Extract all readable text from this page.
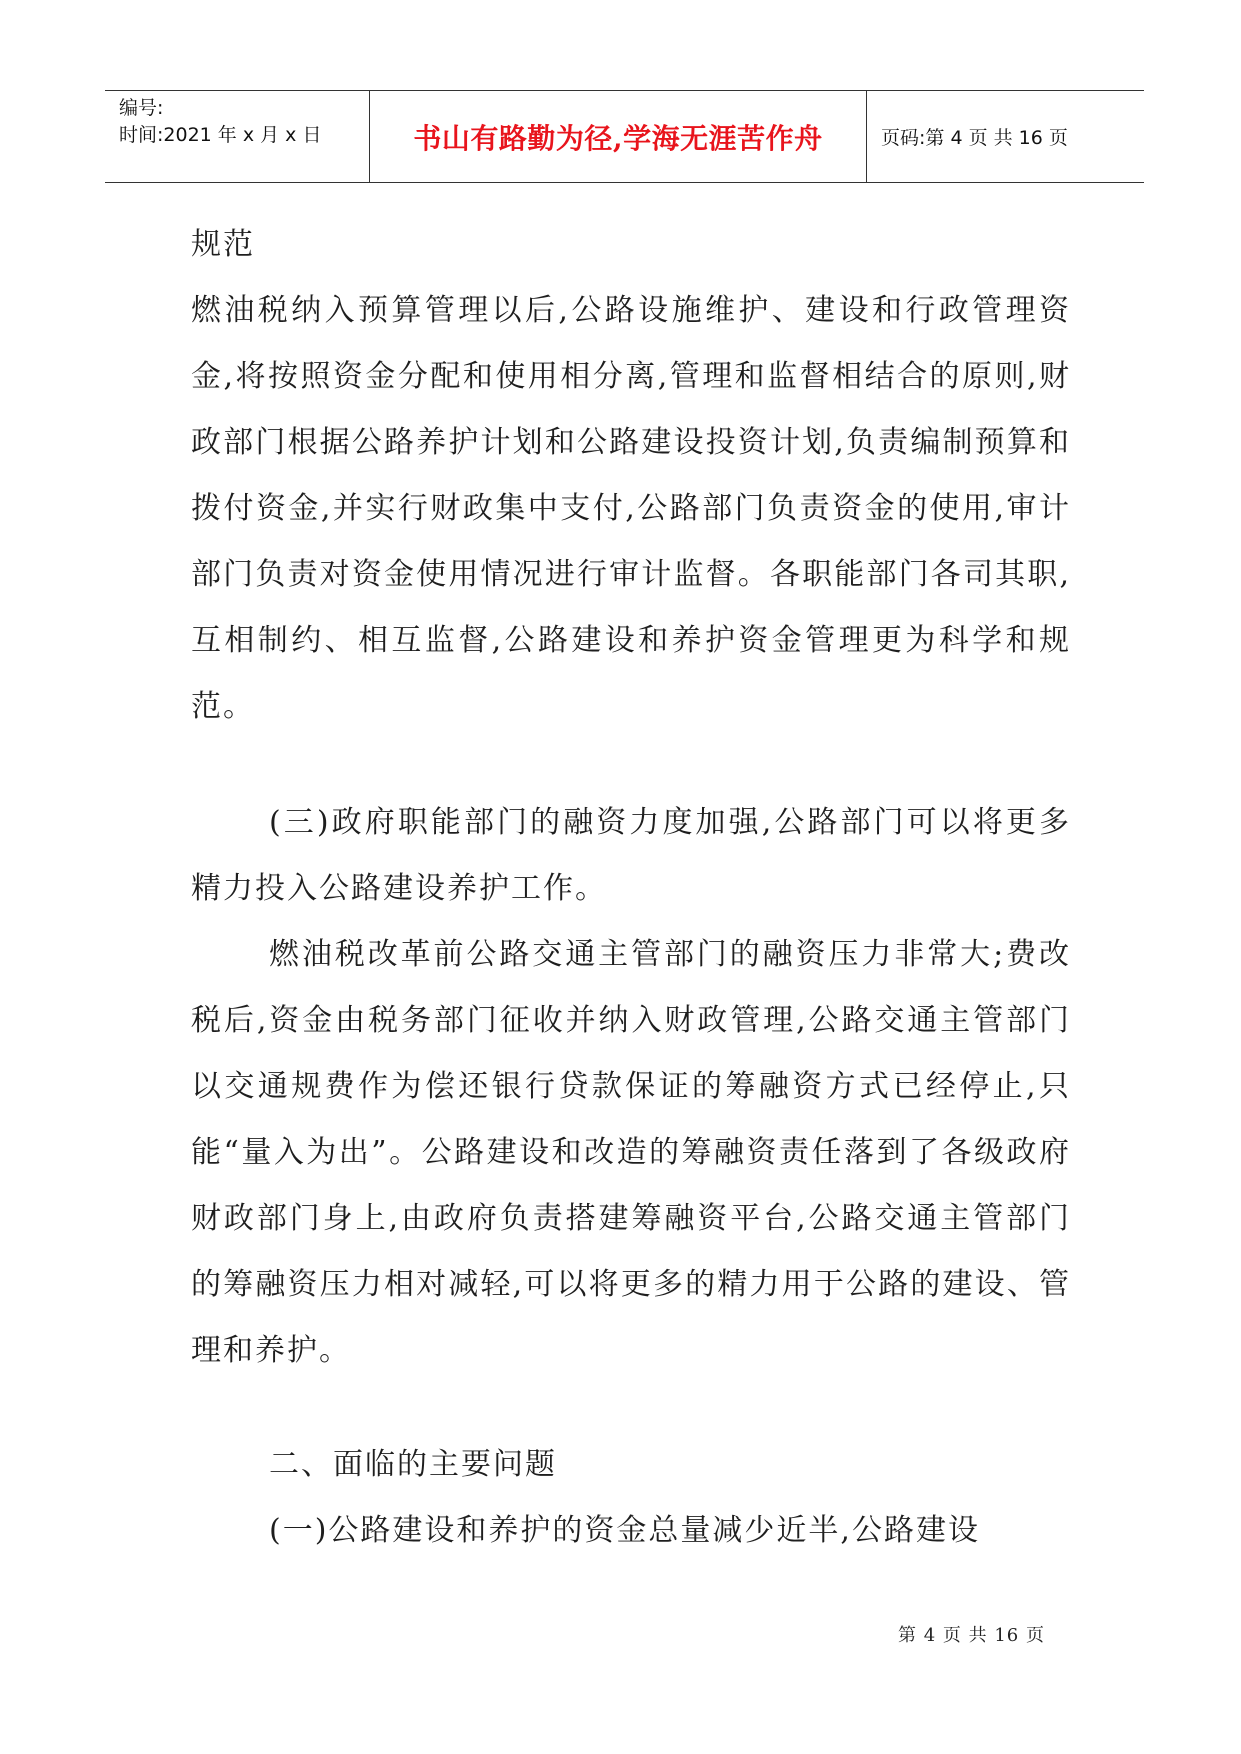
编号:
时间:2021 年 x 月 x 日	书山有路勤为径,学海无涯苦作舟	页码:第 4 页 共 16 页

规范

燃油税纳入预算管理以后,公路设施维护、建设和行政管理资金,将按照资金分配和使用相分离,管理和监督相结合的原则,财政部门根据公路养护计划和公路建设投资计划,负责编制预算和拨付资金,并实行财政集中支付,公路部门负责资金的使用,审计部门负责对资金使用情况进行审计监督。各职能部门各司其职,互相制约、相互监督,公路建设和养护资金管理更为科学和规范。

(三)政府职能部门的融资力度加强,公路部门可以将更多精力投入公路建设养护工作。

燃油税改革前公路交通主管部门的融资压力非常大;费改税后,资金由税务部门征收并纳入财政管理,公路交通主管部门以交通规费作为偿还银行贷款保证的筹融资方式已经停止,只能“量入为出”。公路建设和改造的筹融资责任落到了各级政府财政部门身上,由政府负责搭建筹融资平台,公路交通主管部门的筹融资压力相对减轻,可以将更多的精力用于公路的建设、管理和养护。

二、面临的主要问题

(一)公路建设和养护的资金总量减少近半,公路建设

第 4 页 共 16 页
